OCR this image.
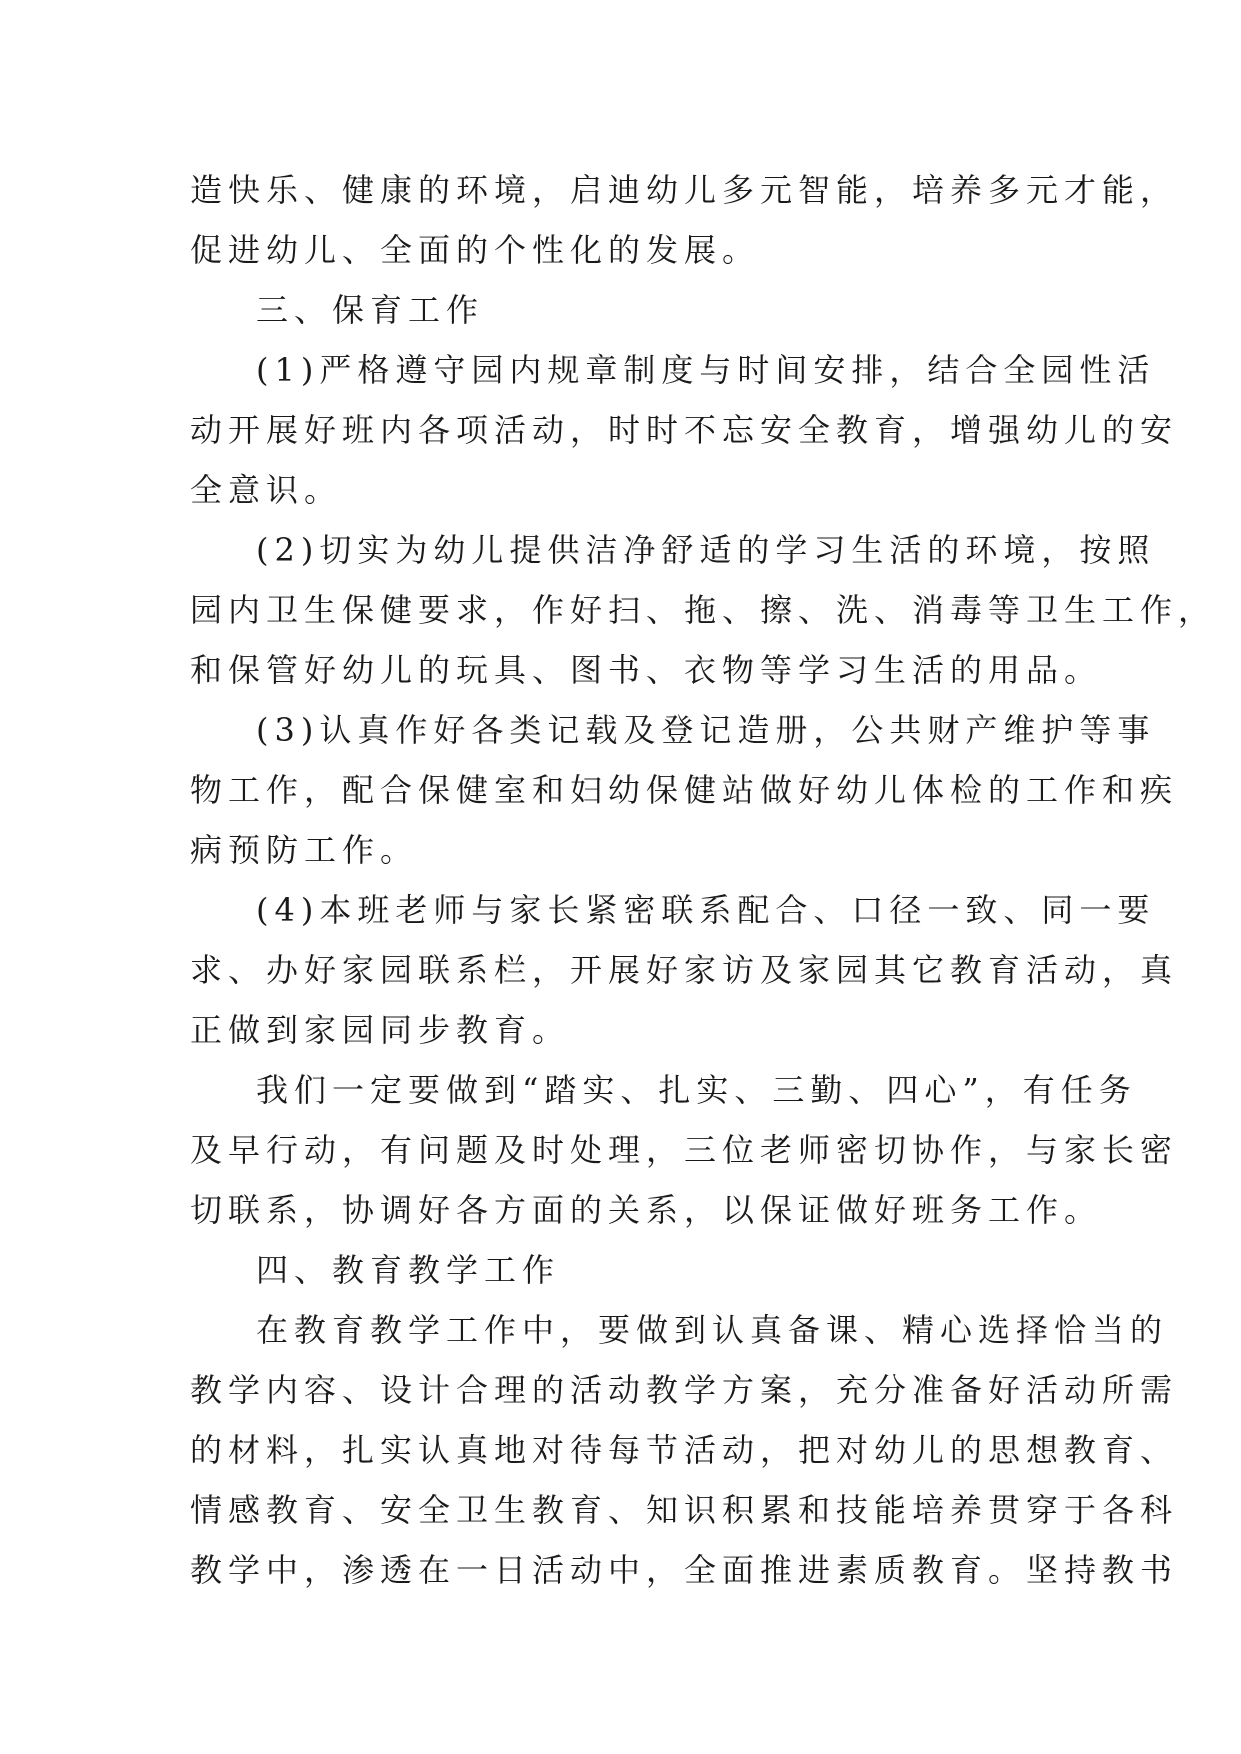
造快乐、健康的环境，启迪幼儿多元智能，培养多元才能，
促进幼儿、全面的个性化的发展。
三、保育工作
(1)严格遵守园内规章制度与时间安排，结合全园性活
动开展好班内各项活动，时时不忘安全教育，增强幼儿的安
全意识。
(2)切实为幼儿提供洁净舒适的学习生活的环境，按照
园内卫生保健要求，作好扫、拖、擦、洗、消毒等卫生工作，
和保管好幼儿的玩具、图书、衣物等学习生活的用品。
(3)认真作好各类记载及登记造册，公共财产维护等事
物工作，配合保健室和妇幼保健站做好幼儿体检的工作和疾
病预防工作。
(4)本班老师与家长紧密联系配合、口径一致、同一要
求、办好家园联系栏，开展好家访及家园其它教育活动，真
正做到家园同步教育。
我们一定要做到“踏实、扎实、三勤、四心”，有任务
及早行动，有问题及时处理，三位老师密切协作，与家长密
切联系，协调好各方面的关系，以保证做好班务工作。
四、教育教学工作
在教育教学工作中，要做到认真备课、精心选择恰当的
教学内容、设计合理的活动教学方案，充分准备好活动所需
的材料，扎实认真地对待每节活动，把对幼儿的思想教育、
情感教育、安全卫生教育、知识积累和技能培养贯穿于各科
教学中，渗透在一日活动中，全面推进素质教育。坚持教书
